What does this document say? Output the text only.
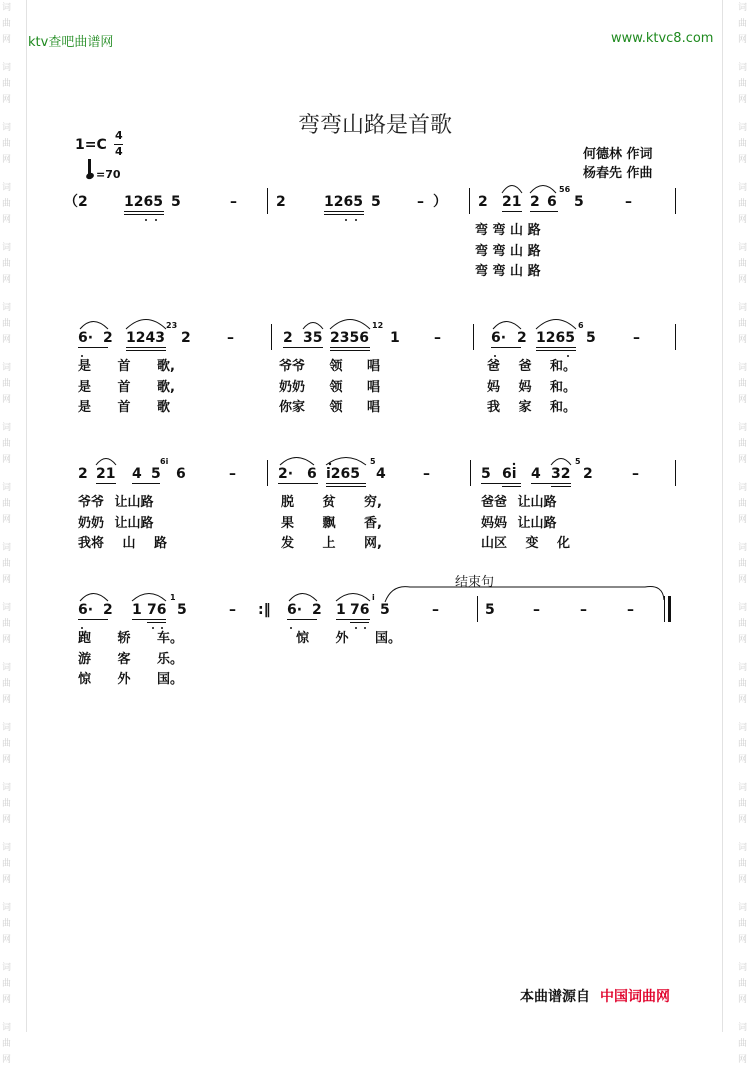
词
曲
网
词
曲
网
词
曲
网
词
曲
网
词
曲
网
词
曲
网
词
曲
网
词
曲
网
词
曲
网
词
曲
网
词
曲
网
词
曲
网
词
曲
网
词
曲
网
词
曲
网
词
曲
网
词
曲
网
词
曲
网
词
曲
网
词
曲
网
词
曲
网
词
曲
网
词
曲
网
词
曲
网
词
曲
网
词
曲
网
词
曲
网
词
曲
网
词
曲
网
词
曲
网
词
曲
网
词
曲
网
词
曲
网
词
曲
网
词
曲
网
词
曲
网
ktv查吧曲谱网	www.ktvc8.com
弯弯山路是首歌
1=C
4
4
=70
何德林 作词
杨春先 作曲
（ 2	1265 5	–	2	1265 5	– ） 2 21 2 6
56
5	–
弯 弯 山 路
弯 弯 山 路
弯 弯 山 路
6· 2 1243
23
2	–	2 35 2356
12
1 –	6· 2 1265
6
5	–
是 首 歌,	爷爷 领 唱	爸 爸 和。
是 首 歌,	奶奶 领 唱	妈 妈 和。
是 首 歌	你家 领 唱	我 家 和。
2 21 4 5
6i
6	–	2· 6 i265
5
4	–	5 6i 4 32
5
2	–
爷爷 让山路	脱 贫 穷,	爸爸 让山路
奶奶 让山路	果 飘 香,	妈妈 让山路
我将 山 路	发 上 网,	山区 变 化
结束句
6· 2 1 76
1
5	– :‖ 6· 2 1 76
i
5	–	5	–	–	–
跑 轿 车。	惊 外 国。
游 客 乐。
惊 外 国。
本曲谱源自 中国词曲网
